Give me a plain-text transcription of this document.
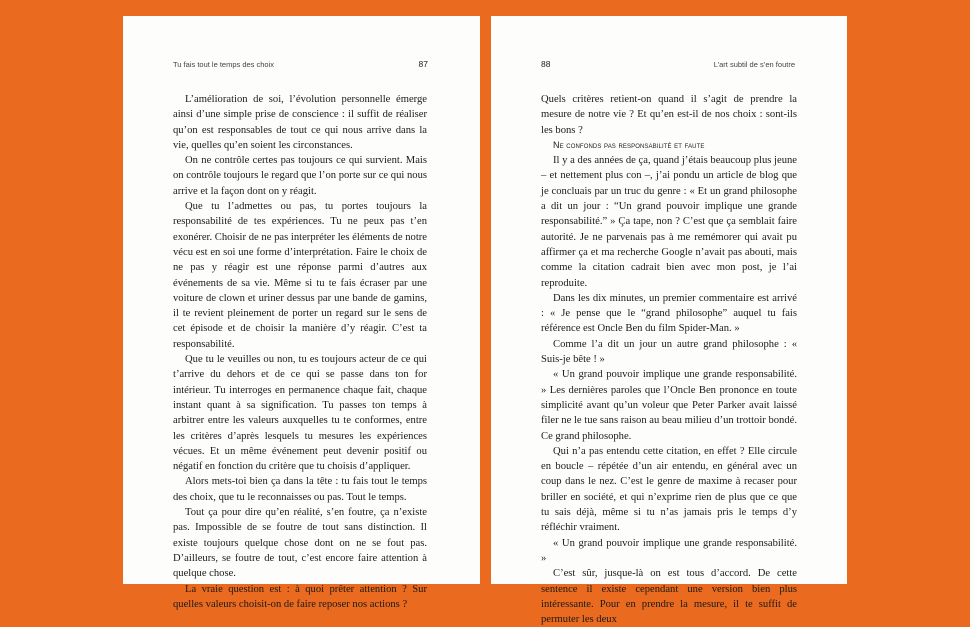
Tu fais tout le temps des choix	87

L’amélioration de soi, l’évolution personnelle émerge ainsi d’une simple prise de conscience : il suffit de réaliser qu’on est responsables de tout ce qui nous arrive dans la vie, quelles qu’en soient les circonstances.

On ne contrôle certes pas toujours ce qui survient. Mais on contrôle toujours le regard que l’on porte sur ce qui nous arrive et la façon dont on y réagit.

Que tu l’admettes ou pas, tu portes toujours la responsabilité de tes expériences. Tu ne peux pas t’en exonérer. Choisir de ne pas interpréter les éléments de notre vécu est en soi une forme d’interprétation. Faire le choix de ne pas y réagir est une réponse parmi d’autres aux événements de sa vie. Même si tu te fais écraser par une voiture de clown et uriner dessus par une bande de gamins, il te revient pleinement de porter un regard sur le sens de cet épisode et de choisir la manière d’y réagir. C’est ta responsabilité.

Que tu le veuilles ou non, tu es toujours acteur de ce qui t’arrive du dehors et de ce qui se passe dans ton for intérieur. Tu interroges en permanence chaque fait, chaque instant quant à sa signification. Tu passes ton temps à arbitrer entre les valeurs auxquelles tu te conformes, entre les critères d’après lesquels tu mesures les expériences vécues. Et un même événement peut devenir positif ou négatif en fonction du critère que tu choisis d’appliquer.

Alors mets-toi bien ça dans la tête : tu fais tout le temps des choix, que tu le reconnaisses ou pas. Tout le temps.

Tout ça pour dire qu’en réalité, s’en foutre, ça n’existe pas. Impossible de se foutre de tout sans distinction. Il existe toujours quelque chose dont on ne se fout pas. D’ailleurs, se foutre de tout, c’est encore faire attention à quelque chose.

La vraie question est : à quoi prêter attention ? Sur quelles valeurs choisit-on de faire reposer nos actions ?

88	L’art subtil de s’en foutre

Quels critères retient-on quand il s’agit de prendre la mesure de notre vie ? Et qu’en est-il de nos choix : sont-ils les bons ?

Ne confonds pas responsabilité et faute

Il y a des années de ça, quand j’étais beaucoup plus jeune – et nettement plus con –, j’ai pondu un article de blog que je concluais par un truc du genre : « Et un grand philosophe a dit un jour : “Un grand pouvoir implique une grande responsabilité.” » Ça tape, non ? C’est que ça semblait faire autorité. Je ne parvenais pas à me remémorer qui avait pu affirmer ça et ma recherche Google n’avait pas abouti, mais comme la citation cadrait bien avec mon post, je l’ai reproduite.

Dans les dix minutes, un premier commentaire est arrivé : « Je pense que le “grand philosophe” auquel tu fais référence est Oncle Ben du film Spider-Man. »

Comme l’a dit un jour un autre grand philosophe : « Suis-je bête ! »

« Un grand pouvoir implique une grande responsabilité. » Les dernières paroles que l’Oncle Ben prononce en toute simplicité avant qu’un voleur que Peter Parker avait laissé filer ne le tue sans raison au beau milieu d’un trottoir bondé. Ce grand philosophe.

Qui n’a pas entendu cette citation, en effet ? Elle circule en boucle – répétée d’un air entendu, en général avec un coup dans le nez. C’est le genre de maxime à recaser pour briller en société, et qui n’exprime rien de plus que ce que tu sais déjà, même si tu n’as jamais pris le temps d’y réfléchir vraiment.

« Un grand pouvoir implique une grande responsabilité. »

C’est sûr, jusque-là on est tous d’accord. De cette sentence il existe cependant une version bien plus intéressante. Pour en prendre la mesure, il te suffit de permuter les deux
